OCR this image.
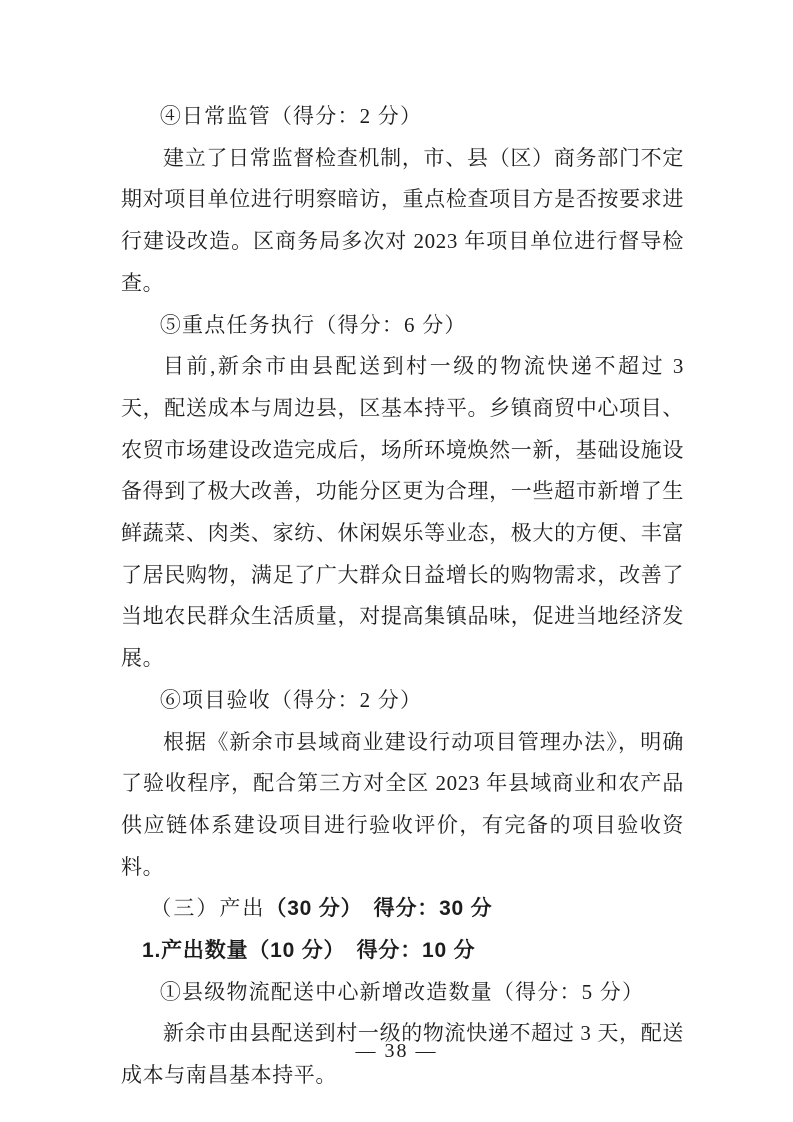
④日常监管（得分：2 分）

建立了日常监督检查机制，市、县（区）商务部门不定期对项目单位进行明察暗访，重点检查项目方是否按要求进行建设改造。区商务局多次对 2023 年项目单位进行督导检查。

⑤重点任务执行（得分：6 分）

目前,新余市由县配送到村一级的物流快递不超过 3 天，配送成本与周边县，区基本持平。乡镇商贸中心项目、农贸市场建设改造完成后，场所环境焕然一新，基础设施设备得到了极大改善，功能分区更为合理，一些超市新增了生鲜蔬菜、肉类、家纺、休闲娱乐等业态，极大的方便、丰富了居民购物，满足了广大群众日益增长的购物需求，改善了当地农民群众生活质量，对提高集镇品味，促进当地经济发展。

⑥项目验收（得分：2 分）

根据《新余市县域商业建设行动项目管理办法》，明确了验收程序，配合第三方对全区 2023 年县域商业和农产品供应链体系建设项目进行验收评价，有完备的项目验收资料。

（三）产出（30 分）　得分：30 分

1.产出数量（10 分）　得分：10 分

①县级物流配送中心新增改造数量（得分：5 分）

新余市由县配送到村一级的物流快递不超过 3 天，配送成本与南昌基本持平。

— 38 —
